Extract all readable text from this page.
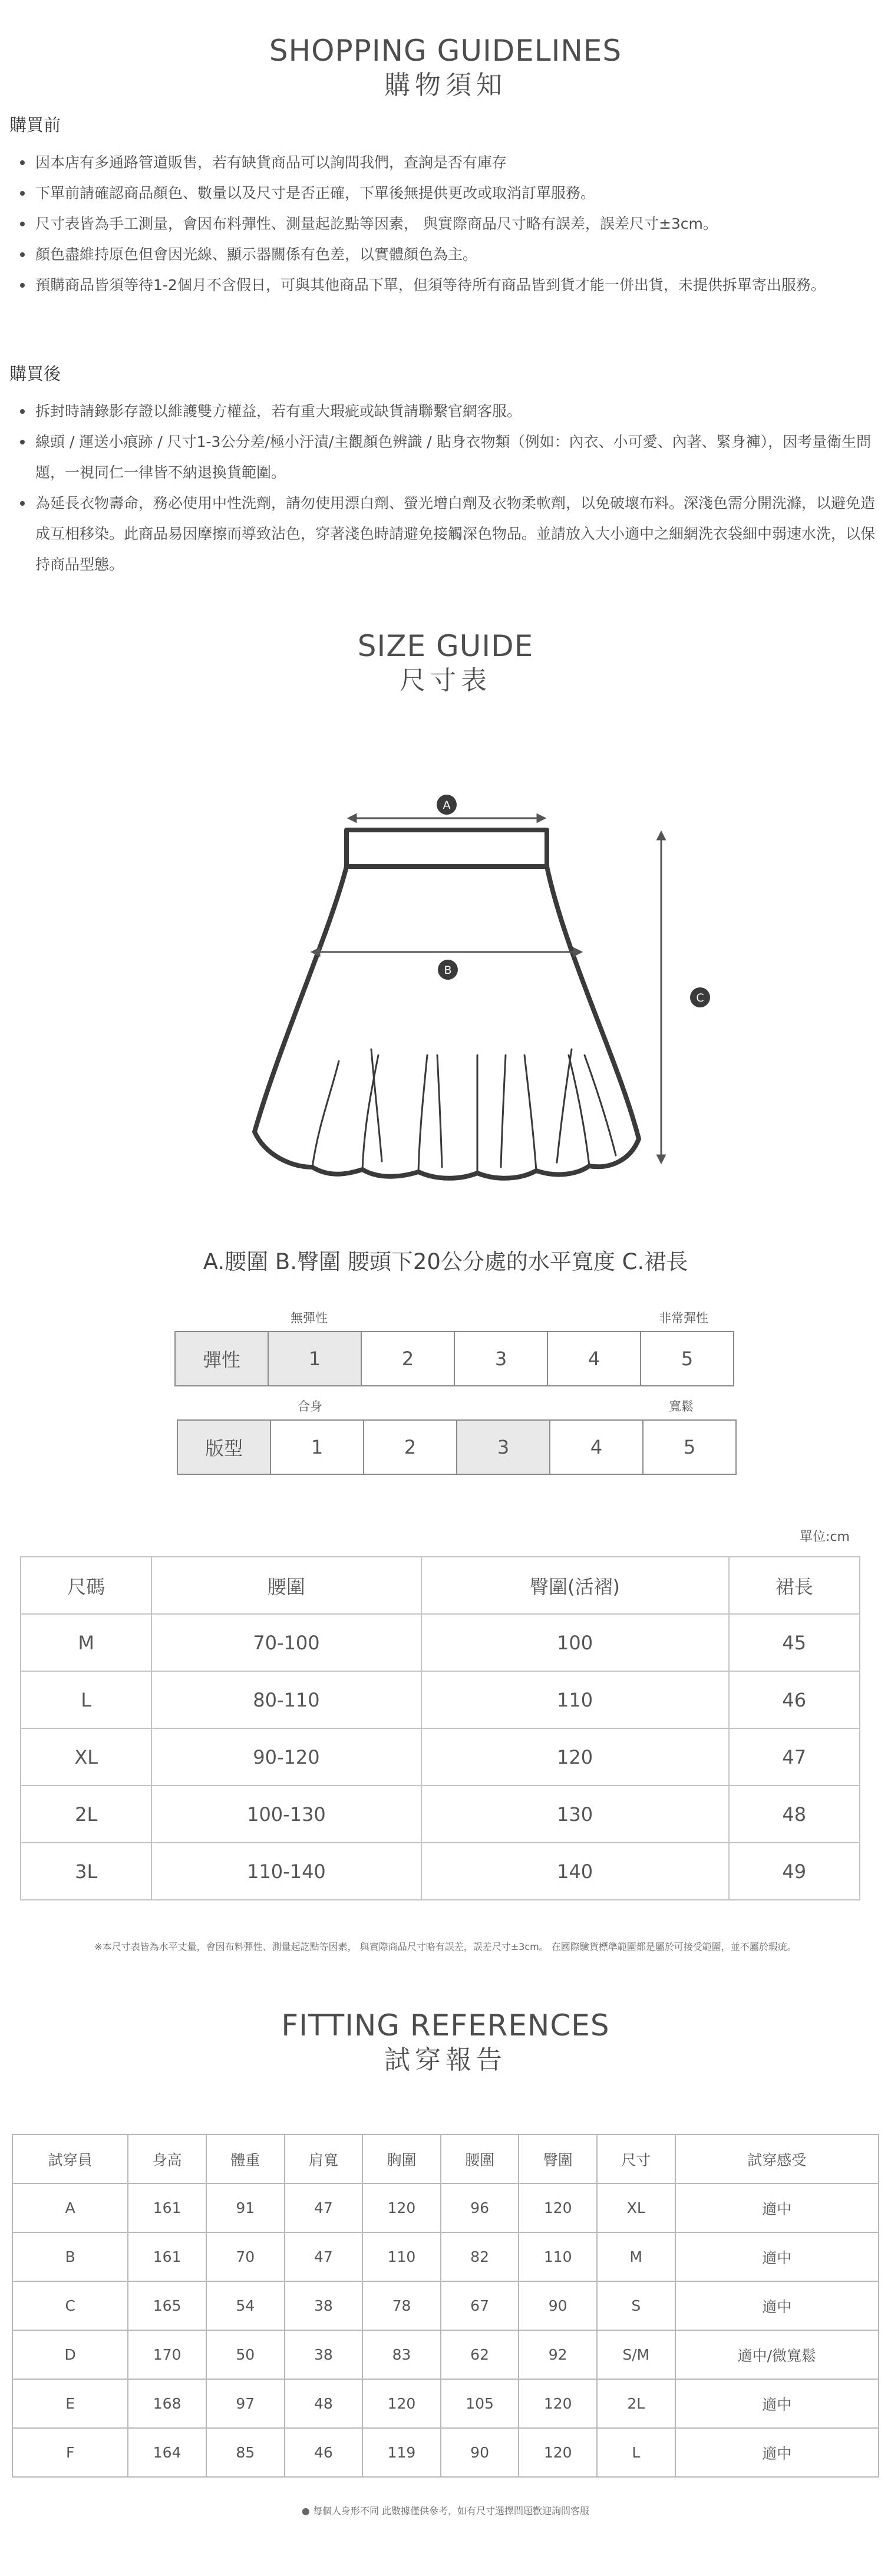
SHOPPING GUIDELINES
購物須知
購買前
因本店有多通路管道販售，若有缺貨商品可以詢問我們，查詢是否有庫存
下單前請確認商品顏色、數量以及尺寸是否正確，下單後無提供更改或取消訂單服務。
尺寸表皆為手工測量，會因布料彈性、測量起訖點等因素， 與實際商品尺寸略有誤差，誤差尺寸±3cm。
顏色盡維持原色但會因光線、顯示器關係有色差，以實體顏色為主。
預購商品皆須等待1-2個月不含假日，可與其他商品下單，但須等待所有商品皆到貨才能一併出貨，未提供拆單寄出服務。
購買後
拆封時請錄影存證以維護雙方權益，若有重大瑕疵或缺貨請聯繫官網客服。
線頭 / 運送小痕跡 / 尺寸1-3公分差/極小汙漬/主觀顏色辨識 / 貼身衣物類（例如：內衣、小可愛、內著、緊身褲），因考量衛生問題，一視同仁一律皆不納退換貨範圍。
為延長衣物壽命，務必使用中性洗劑，請勿使用漂白劑、螢光增白劑及衣物柔軟劑，以免破壞布料。深淺色需分開洗滌，以避免造成互相移染。此商品易因摩擦而導致沾色，穿著淺色時請避免接觸深色物品。並請放入大小適中之細網洗衣袋細中弱速水洗，以保持商品型態。
SIZE GUIDE
尺寸表
A
B
C
A.腰圍 B.臀圍 腰頭下20公分處的水平寬度 C.裙長
無彈性	非常彈性
彈性	1	2	3	4	5
合身	寬鬆
版型	1	2	3	4	5
單位:cm
尺碼	腰圍	臀圍(活褶)	裙長
M	70-100	100	45
L	80-110	110	46
XL	90-120	120	47
2L	100-130	130	48
3L	110-140	140	49
※本尺寸表皆為水平丈量，會因布料彈性、測量起訖點等因素， 與實際商品尺寸略有誤差，誤差尺寸±3cm。 在國際驗貨標準範圍都是屬於可接受範圍，並不屬於瑕疵。
FITTING REFERENCES
試穿報告
試穿員	身高	體重	肩寬	胸圍	腰圍	臀圍	尺寸	試穿感受
A	161	91	47	120	96	120	XL	適中
B	161	70	47	110	82	110	M	適中
C	165	54	38	78	67	90	S	適中
D	170	50	38	83	62	92	S/M	適中/微寬鬆
E	168	97	48	120	105	120	2L	適中
F	164	85	46	119	90	120	L	適中
● 每個人身形不同 此數據僅供參考，如有尺寸選擇問題歡迎詢問客服
